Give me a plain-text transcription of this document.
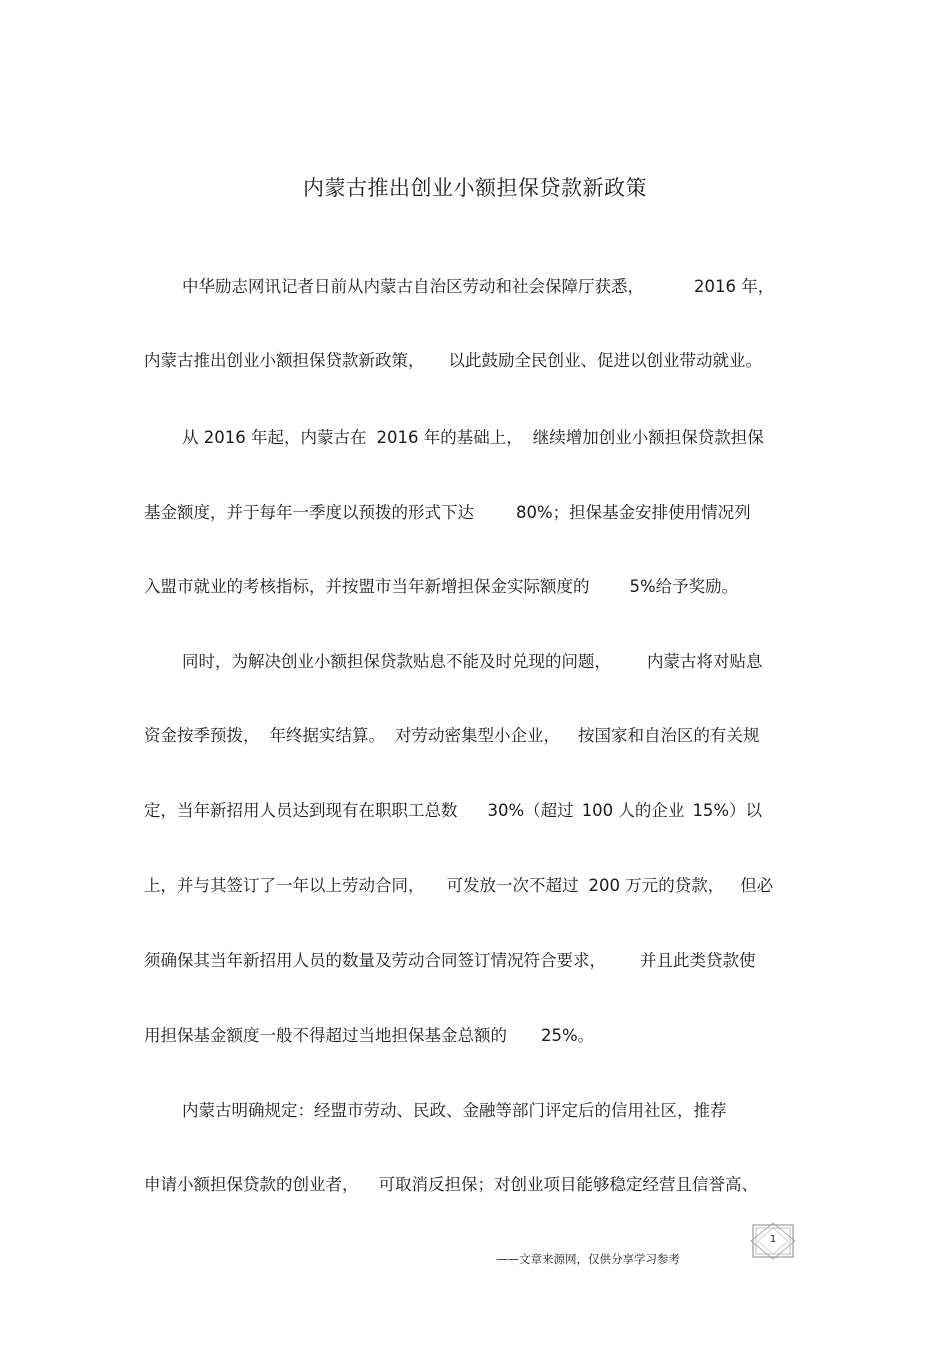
内蒙古推出创业小额担保贷款新政策
中华励志网讯记者日前从内蒙古自治区劳动和社会保障厅获悉，	2016 年，
内蒙古推出创业小额担保贷款新政策， 以此鼓励全民创业、促进以创业带动就业。
从 2016 年起，内蒙古在 2016 年的基础上， 继续增加创业小额担保贷款担保
基金额度，并于每年一季度以预拨的形式下达	80%；担保基金安排使用情况列
入盟市就业的考核指标，并按盟市当年新增担保金实际额度的 5%给予奖励。
同时，为解决创业小额担保贷款贴息不能及时兑现的问题， 内蒙古将对贴息
资金按季预拨， 年终据实结算。 对劳动密集型小企业， 按国家和自治区的有关规
定，当年新招用人员达到现有在职职工总数 30%（超过 100 人的企业 15%）以
上，并与其签订了一年以上劳动合同， 可发放一次不超过 200 万元的贷款， 但必
须确保其当年新招用人员的数量及劳动合同签订情况符合要求， 并且此类贷款使
用担保基金额度一般不得超过当地担保基金总额的 25%。
内蒙古明确规定：经盟市劳动、民政、金融等部门评定后的信用社区，推荐
申请小额担保贷款的创业者， 可取消反担保；对创业项目能够稳定经营且信誉高、
——文章来源网，仅供分享学习参考
1
